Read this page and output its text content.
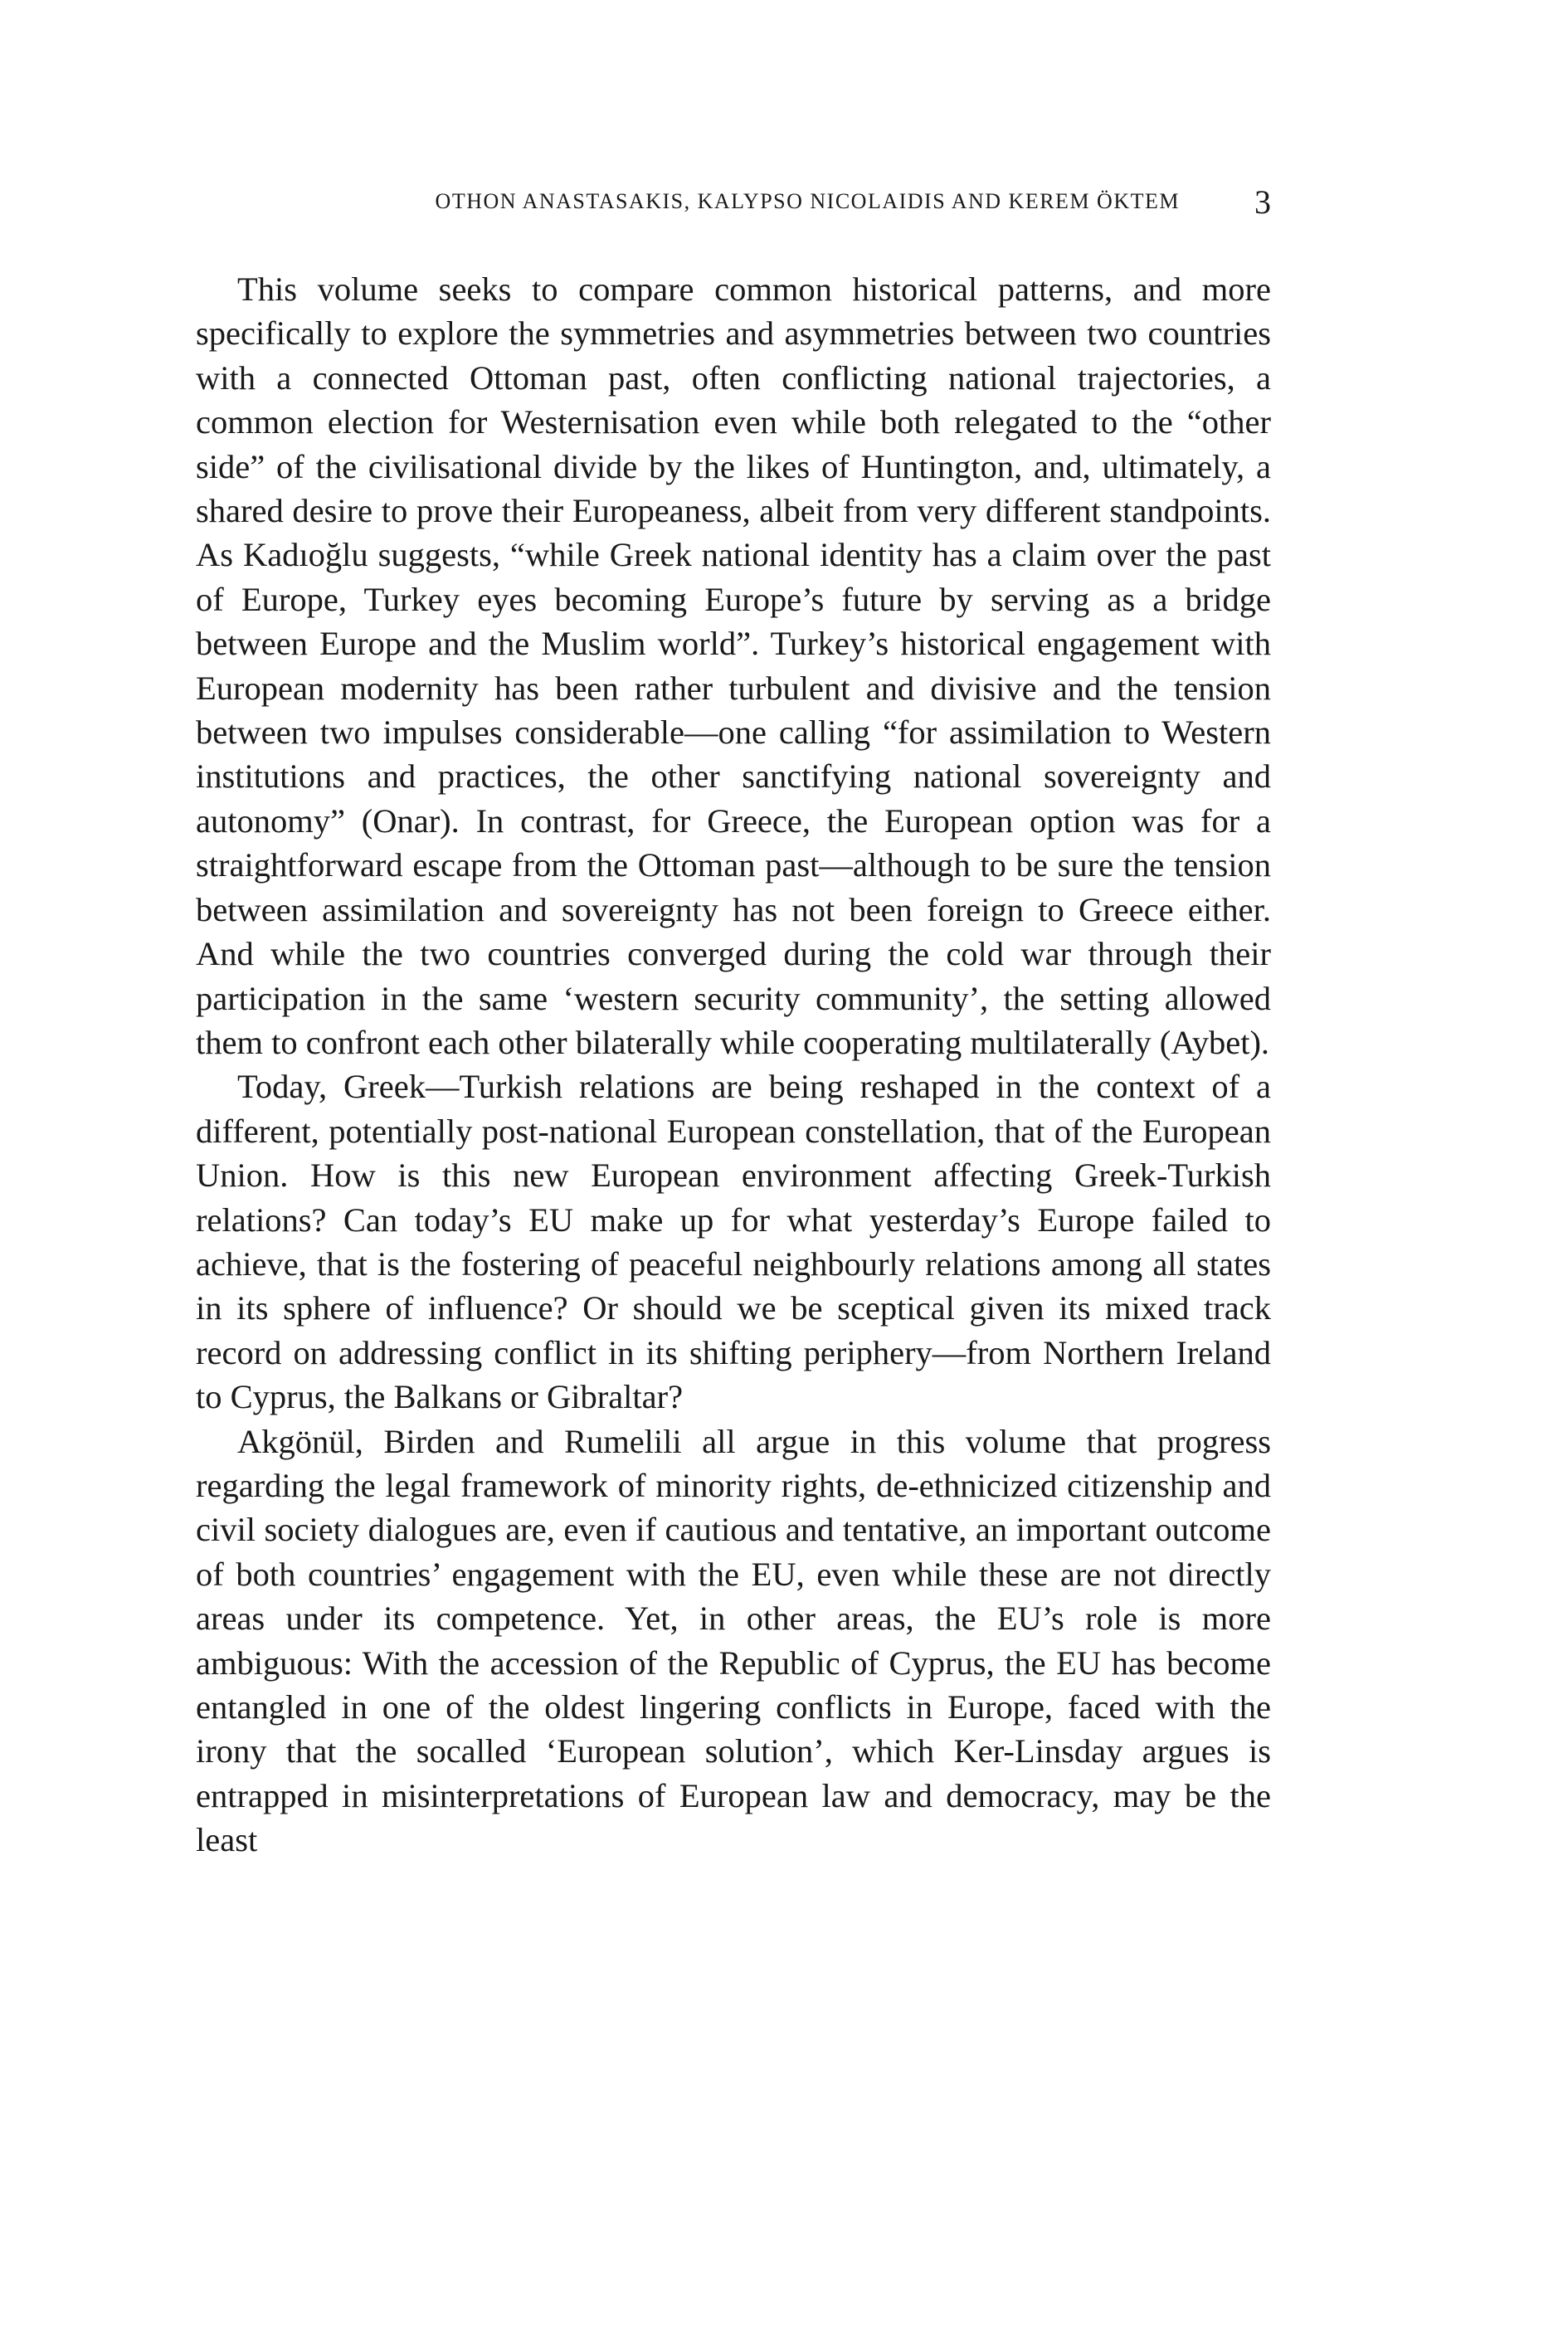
OTHON ANASTASAKIS, KALYPSO NICOLAIDIS AND KEREM ÖKTEM 3

This volume seeks to compare common historical patterns, and more specifically to explore the symmetries and asymmetries between two countries with a connected Ottoman past, often conflicting national trajectories, a common election for Westernisation even while both relegated to the “other side” of the civilisational divide by the likes of Huntington, and, ultimately, a shared desire to prove their Europeaness, albeit from very different standpoints. As Kadıoğlu suggests, “while Greek national identity has a claim over the past of Europe, Turkey eyes becoming Europe’s future by serving as a bridge between Europe and the Muslim world”. Turkey’s historical engagement with European modernity has been rather turbulent and divisive and the tension between two impulses considerable—one calling “for assimilation to Western institutions and practices, the other sanctifying national sovereignty and autonomy” (Onar). In contrast, for Greece, the European option was for a straightforward escape from the Ottoman past—although to be sure the tension between assimilation and sovereignty has not been foreign to Greece either. And while the two countries converged during the cold war through their participation in the same ‘western security community’, the setting allowed them to confront each other bilaterally while cooperating multilaterally (Aybet).

Today, Greek—Turkish relations are being reshaped in the context of a different, potentially post-national European constellation, that of the European Union. How is this new European environment affecting Greek-Turkish relations? Can today’s EU make up for what yesterday’s Europe failed to achieve, that is the fostering of peaceful neighbourly relations among all states in its sphere of influence? Or should we be sceptical given its mixed track record on addressing conflict in its shifting periphery—from Northern Ireland to Cyprus, the Balkans or Gibraltar?

Akgönül, Birden and Rumelili all argue in this volume that progress regarding the legal framework of minority rights, de-ethnicized citizenship and civil society dialogues are, even if cautious and tentative, an important outcome of both countries’ engagement with the EU, even while these are not directly areas under its competence. Yet, in other areas, the EU’s role is more ambiguous: With the accession of the Republic of Cyprus, the EU has become entangled in one of the oldest lingering conflicts in Europe, faced with the irony that the socalled ‘European solution’, which Ker-Linsday argues is entrapped in misinterpretations of European law and democracy, may be the least
